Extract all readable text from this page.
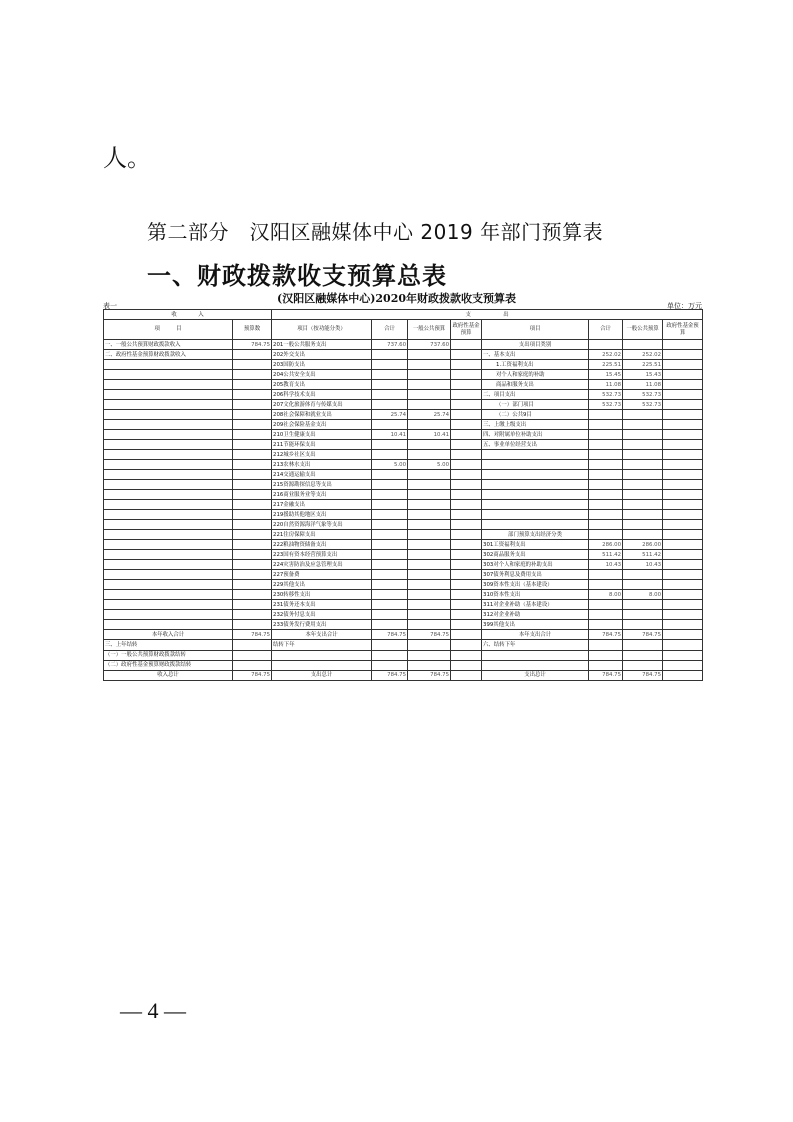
人。
第二部分　汉阳区融媒体中心 2019 年部门预算表
一、财政拨款收支预算总表
(汉阳区融媒体中心)2020年财政拨款收支预算表
表一	单位：万元
收　　　　入		支　　　　　　出							
项　　　目	预算数	项目（按功能分类）	合计	一般公共预算	政府性基金预算	项目	合计	一般公共预算	政府性基金预算
一、一般公共预算财政拨款收入	784.75	201一般公共服务支出	737.60	737.60		支出项目类别			
二、政府性基金预算财政拨款收入		202外交支出				一、基本支出	252.02	252.02	
		203国防支出				1.工资福利支出	225.51	225.51	
		204公共安全支出				对个人和家庭的补助	15.45	15.43	
		205教育支出				商品和服务支出	11.08	11.08	
		206科学技术支出				二、项目支出	532.73	532.73	
		207文化旅游体育与传媒支出				（一）部门项目	532.73	532.73	
		208社会保障和就业支出	25.74	25.74		（二）公共9目			
		209社会保险基金支出				三、上缴上级支出			
		210卫生健康支出	10.41	10.41		四、对附属单位补助支出			
		211节能环保支出				五、事业单位经营支出			
		212城乡社区支出							
		213农林水支出	5.00	5.00					
		214交通运输支出							
		215资源勘探信息等支出							
		216商业服务业等支出							
		217金融支出							
		219援助其他地区支出							
		220自然资源海洋气象等支出							
		221住房保障支出				部门预算支出经济分类			
		222粮油物资储备支出				301工资福利支出	286.00	286.00	
		223国有资本经营预算支出				302商品服务支出	511.42	511.42	
		224灾害防治及应急管理支出				303对个人和家庭的补助支出	10.43	10.43	
		227预备费				307债务利息及费用支出			
		229其他支出				309资本性支出（基本建设）			
		230转移性支出				310资本性支出	8.00	8.00	
		231债务还本支出				311对企业补助（基本建设）			
		232债务付息支出				312对企业补助			
		233债务发行费用支出				399其他支出			
本年收入合计	784.75	本年支出合计	784.75	784.75		本年支出合计	784.75	784.75	
三、上年结转		结转下年				六、结转下年			
（一）一般公共预算财政拨款结转									
（二）政府性基金预算财政拨款结转									
收入总计	784.75	支出总计	784.75	784.75		支出总计	784.75	784.75	
— 4 —
